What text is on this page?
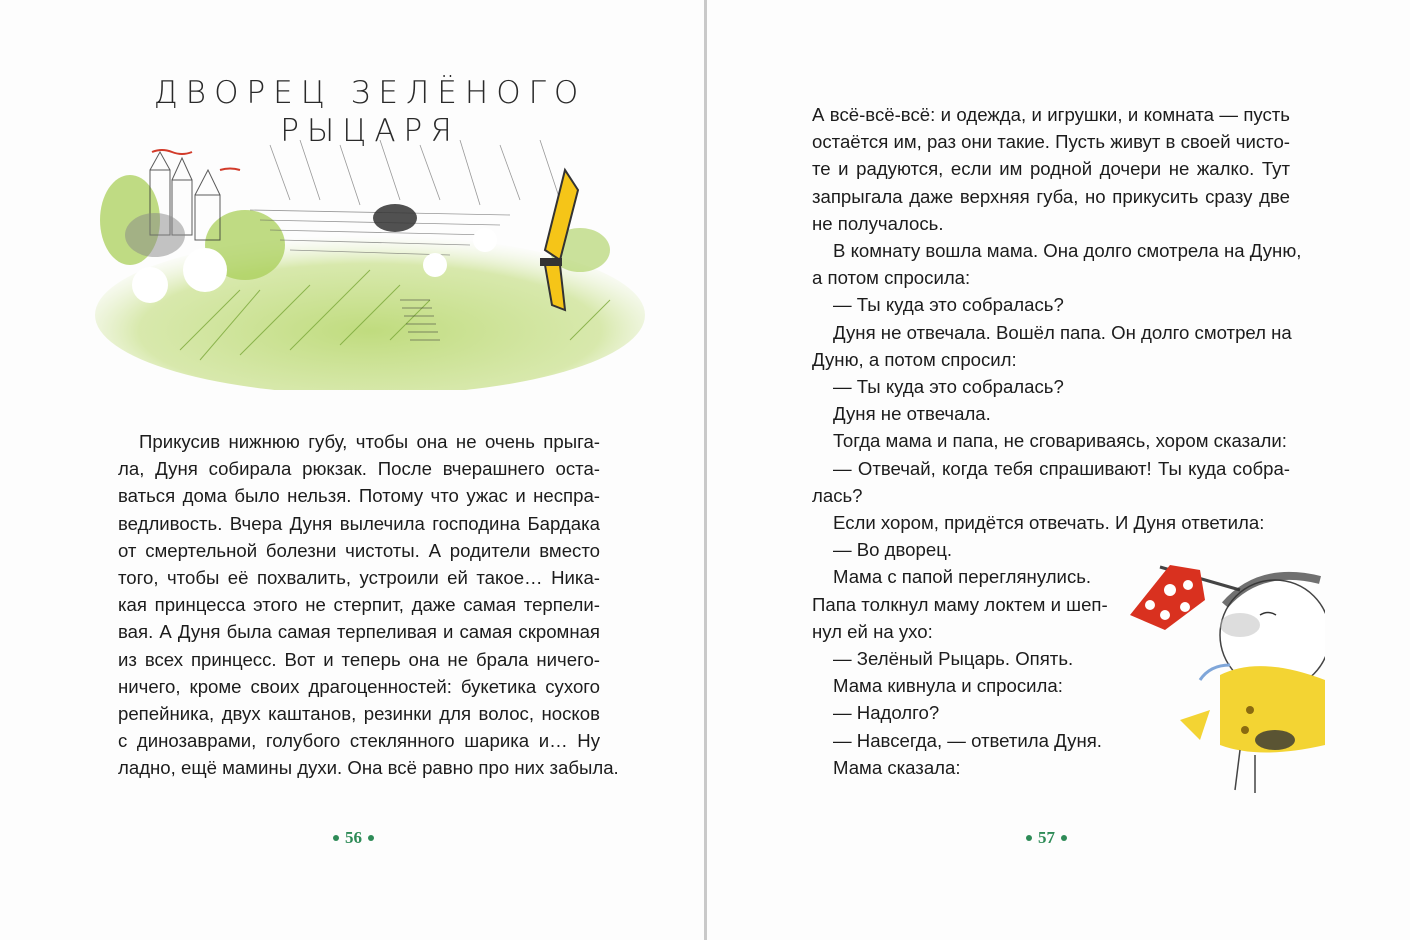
ДВОРЕЦ ЗЕЛЁНОГО
РЫЦАРЯ

Прикусив нижнюю губу, чтобы она не очень прыга-
ла, Дуня собирала рюкзак. После вчерашнего оста-
ваться дома было нельзя. Потому что ужас и неспра-
ведливость. Вчера Дуня вылечила господина Бардака
от смертельной болезни чистоты. А родители вместо
того, чтобы её похвалить, устроили ей такое… Ника-
кая принцесса этого не стерпит, даже самая терпели-
вая. А Дуня была самая терпеливая и самая скромная
из всех принцесс. Вот и теперь она не брала ничего-
ничего, кроме своих драгоценностей: букетика сухого
репейника, двух каштанов, резинки для волос, носков
с динозаврами, голубого стеклянного шарика и… Ну
ладно, ещё мамины духи. Она всё равно про них забыла.

56

А всё-всё-всё: и одежда, и игрушки, и комната — пусть
остаётся им, раз они такие. Пусть живут в своей чисто-
те и радуются, если им родной дочери не жалко. Тут
запрыгала даже верхняя губа, но прикусить сразу две
не получалось.

В комнату вошла мама. Она долго смотрела на Дуню,
а потом спросила:

— Ты куда это собралась?

Дуня не отвечала. Вошёл папа. Он долго смотрел на
Дуню, а потом спросил:

— Ты куда это собралась?

Дуня не отвечала.

Тогда мама и папа, не сговариваясь, хором сказали:

— Отвечай, когда тебя спрашивают! Ты куда собра-
лась?

Если хором, придётся отвечать. И Дуня ответила:

— Во дворец.

Мама с папой переглянулись.
Папа толкнул маму локтем и шеп-
нул ей на ухо:

— Зелёный Рыцарь. Опять.

Мама кивнула и спросила:

— Надолго?

— Навсегда, — ответила Дуня.

Мама сказала:

57
